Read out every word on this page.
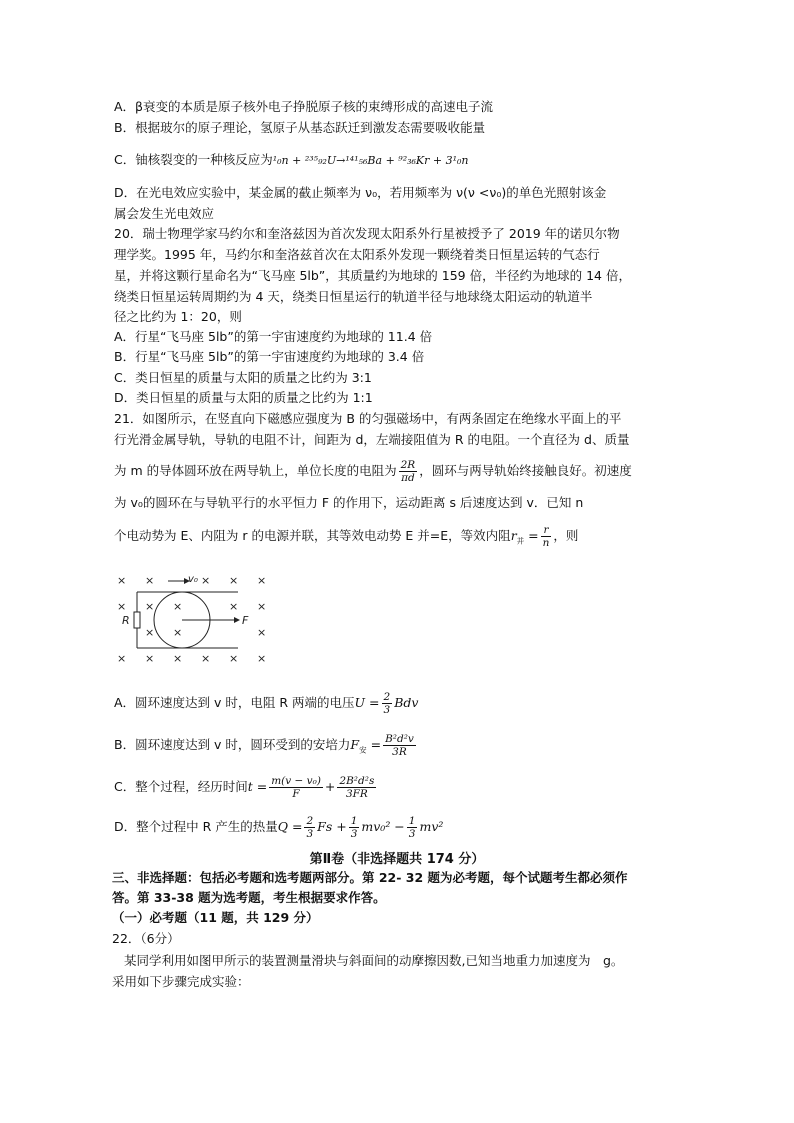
A．β衰变的本质是原子核外电子挣脱原子核的束缚形成的高速电子流
B．根据玻尔的原子理论，氢原子从基态跃迁到激发态需要吸收能量
C．铀核裂变的一种核反应为¹₀n + ²³⁵₉₂U→¹⁴¹₅₆Ba + ⁹²₃₆Kr + 3¹₀n
D．在光电效应实验中，某金属的截止频率为 ν₀，若用频率为 ν(ν <ν₀)的单色光照射该金
属会发生光电效应
20．瑞士物理学家马约尔和奎洛兹因为首次发现太阳系外行星被授予了 2019 年的诺贝尔物
理学奖。1995 年，马约尔和奎洛兹首次在太阳系外发现一颗绕着类日恒星运转的气态行
星，并将这颗行星命名为“飞马座 5lb”，其质量约为地球的 159 倍，半径约为地球的 14 倍，
绕类日恒星运转周期约为 4 天，绕类日恒星运行的轨道半径与地球绕太阳运动的轨道半
径之比约为 1：20，则
A．行星“飞马座 5lb”的第一宇宙速度约为地球的 11.4 倍
B．行星“飞马座 5lb”的第一宇宙速度约为地球的 3.4 倍
C．类日恒星的质量与太阳的质量之比约为 3:1
D．类日恒星的质量与太阳的质量之比约为 1:1
21．如图所示，在竖直向下磁感应强度为 B 的匀强磁场中，有两条固定在绝缘水平面上的平
行光滑金属导轨，导轨的电阻不计，间距为 d，左端接阻值为 R 的电阻。一个直径为 d、质量
为 m 的导体圆环放在两导轨上，单位长度的电阻为 $\frac{2R}{\pi d}$ ，圆环与两导轨始终接触良好。初速度
为 v₀的圆环在与导轨平行的水平恒力 F 的作用下，运动距离 s 后速度达到 v．已知 n
个电动势为 E、内阻为 r 的电源并联，其等效电动势 E 并=E，等效内阻$r_并 = \frac{r}{n}$ ，则
× ×	× × ×
× × ×	× ×
× ×	×
× × × × × ×
R
v₀
F
A．圆环速度达到 v 时，电阻 R 两端的电压$U = \frac{2}{3}$ Bdv
B．圆环速度达到 v 时，圆环受到的安培力$F_安 = \frac{\text{B²d²v}}{3R}$
C．整个过程，经历时间$t = \frac{\text{m(v − v₀)}}{F} + \frac{\text{2B²d²s}}{3FR}$
D．整个过程中 R 产生的热量$Q = \frac{2}{3}$ $Fs + \frac{1}{3} mv_0^2 - \frac{1}{3} mv^2$
第Ⅱ卷（非选择题共 174 分）
三、非选择题：包括必考题和选考题两部分。第 22- 32 题为必考题，每个试题考生都必须作
答。第 33-38 题为选考题，考生根据要求作答。
（一）必考题（11 题，共 129 分）
22．（6分）
某同学利用如图甲所示的装置测量滑块与斜面间的动摩擦因数,已知当地重力加速度为　g。
采用如下步骤完成实验：
